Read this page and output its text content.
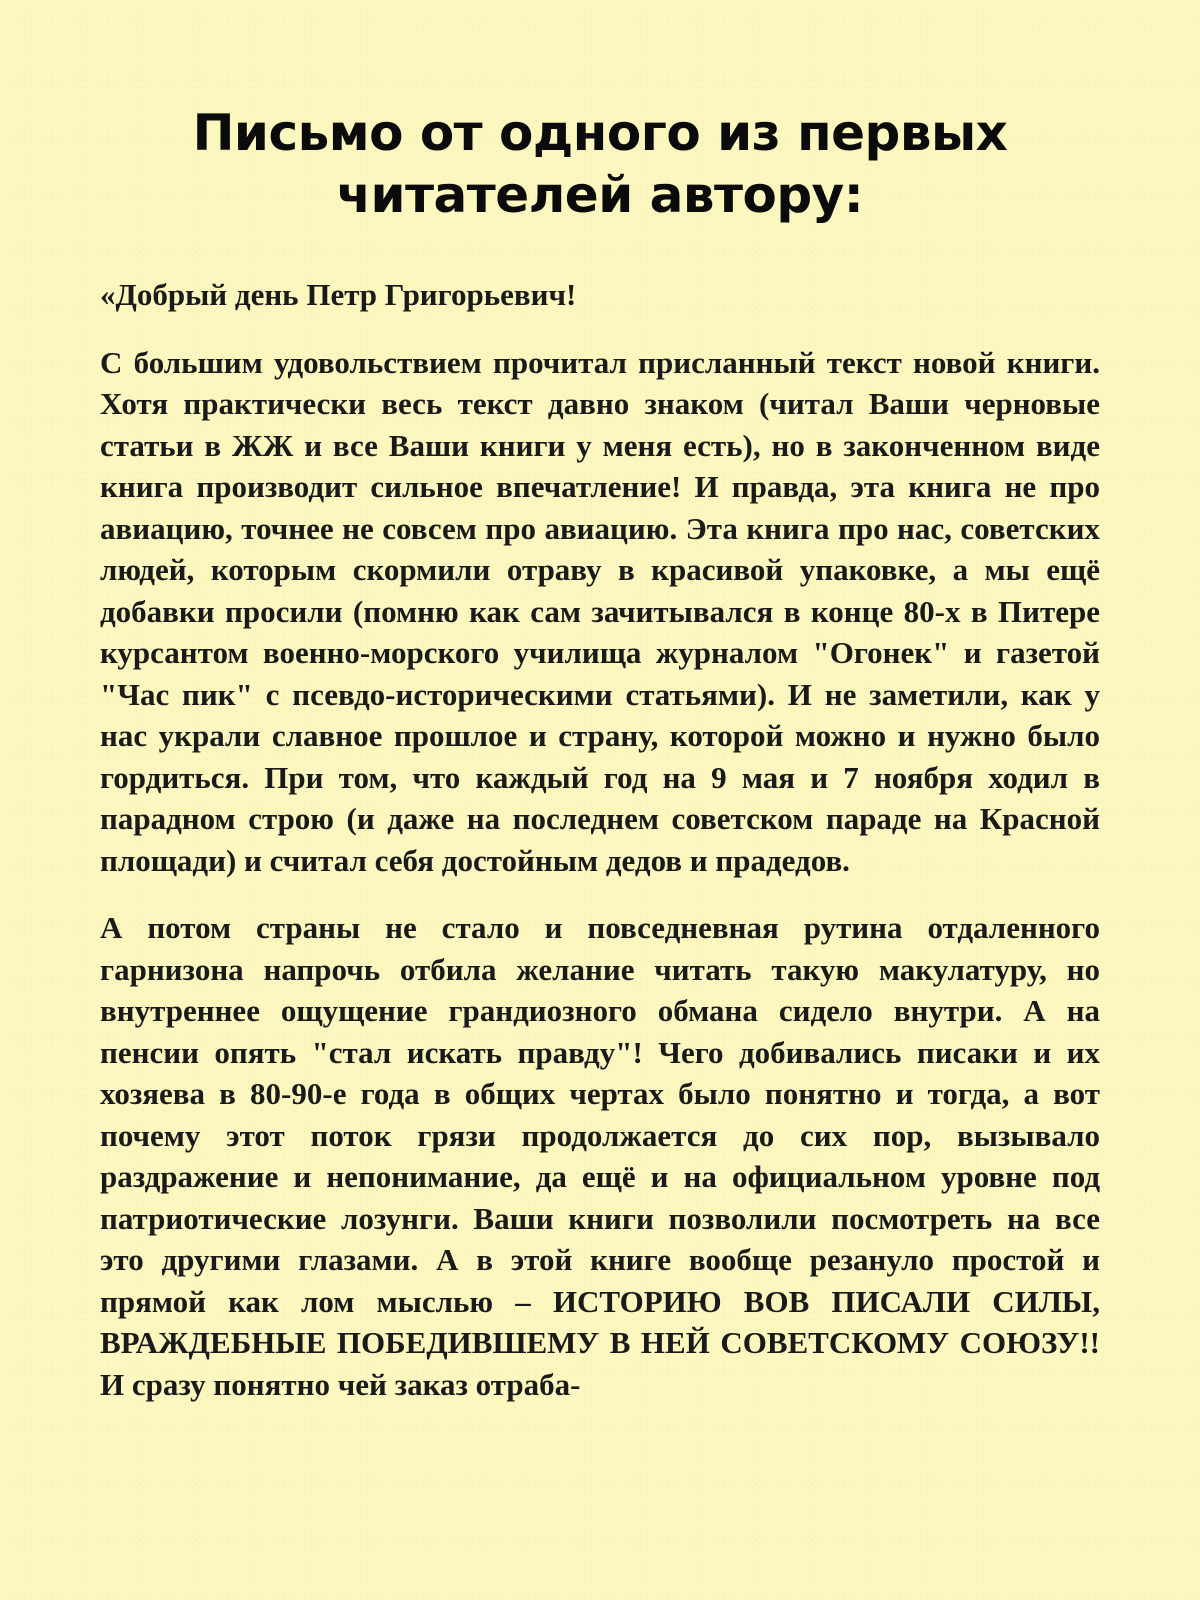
Письмо от одного из первых
читателей автору:

«Добрый день Петр Григорьевич!

С большим удовольствием прочитал присланный текст новой книги. Хотя практически весь текст давно знаком (читал Ваши черновые статьи в ЖЖ и все Ваши книги у меня есть), но в законченном виде книга производит сильное впечатление! И правда, эта книга не про авиацию, точнее не совсем про авиацию. Эта книга про нас, советских людей, которым скормили отраву в красивой упаковке, а мы ещё добавки просили (помню как сам зачитывался в конце 80-х в Питере курсантом военно-морского училища журналом "Огонек" и газетой "Час пик" с псевдо-историческими статьями). И не заметили, как у нас украли славное прошлое и страну, которой можно и нужно было гордиться. При том, что каждый год на 9 мая и 7 ноября ходил в парадном строю (и даже на последнем советском параде на Красной площади) и считал себя достойным дедов и прадедов.

А потом страны не стало и повседневная рутина отдаленного гарнизона напрочь отбила желание читать такую макулатуру, но внутреннее ощущение грандиозного обмана сидело внутри. А на пенсии опять "стал искать правду"! Чего добивались писаки и их хозяева в 80-90-е года в общих чертах было понятно и тогда, а вот почему этот поток грязи продолжается до сих пор, вызывало раздражение и непонимание, да ещё и на официальном уровне под патриотические лозунги. Ваши книги позволили посмотреть на все это другими глазами. А в этой книге вообще резануло простой и прямой как лом мыслью – ИСТОРИЮ ВОВ ПИСАЛИ СИЛЫ, ВРАЖДЕБНЫЕ ПОБЕДИВШЕМУ В НЕЙ СОВЕТСКОМУ СОЮЗУ!! И сразу понятно чей заказ отраба-
